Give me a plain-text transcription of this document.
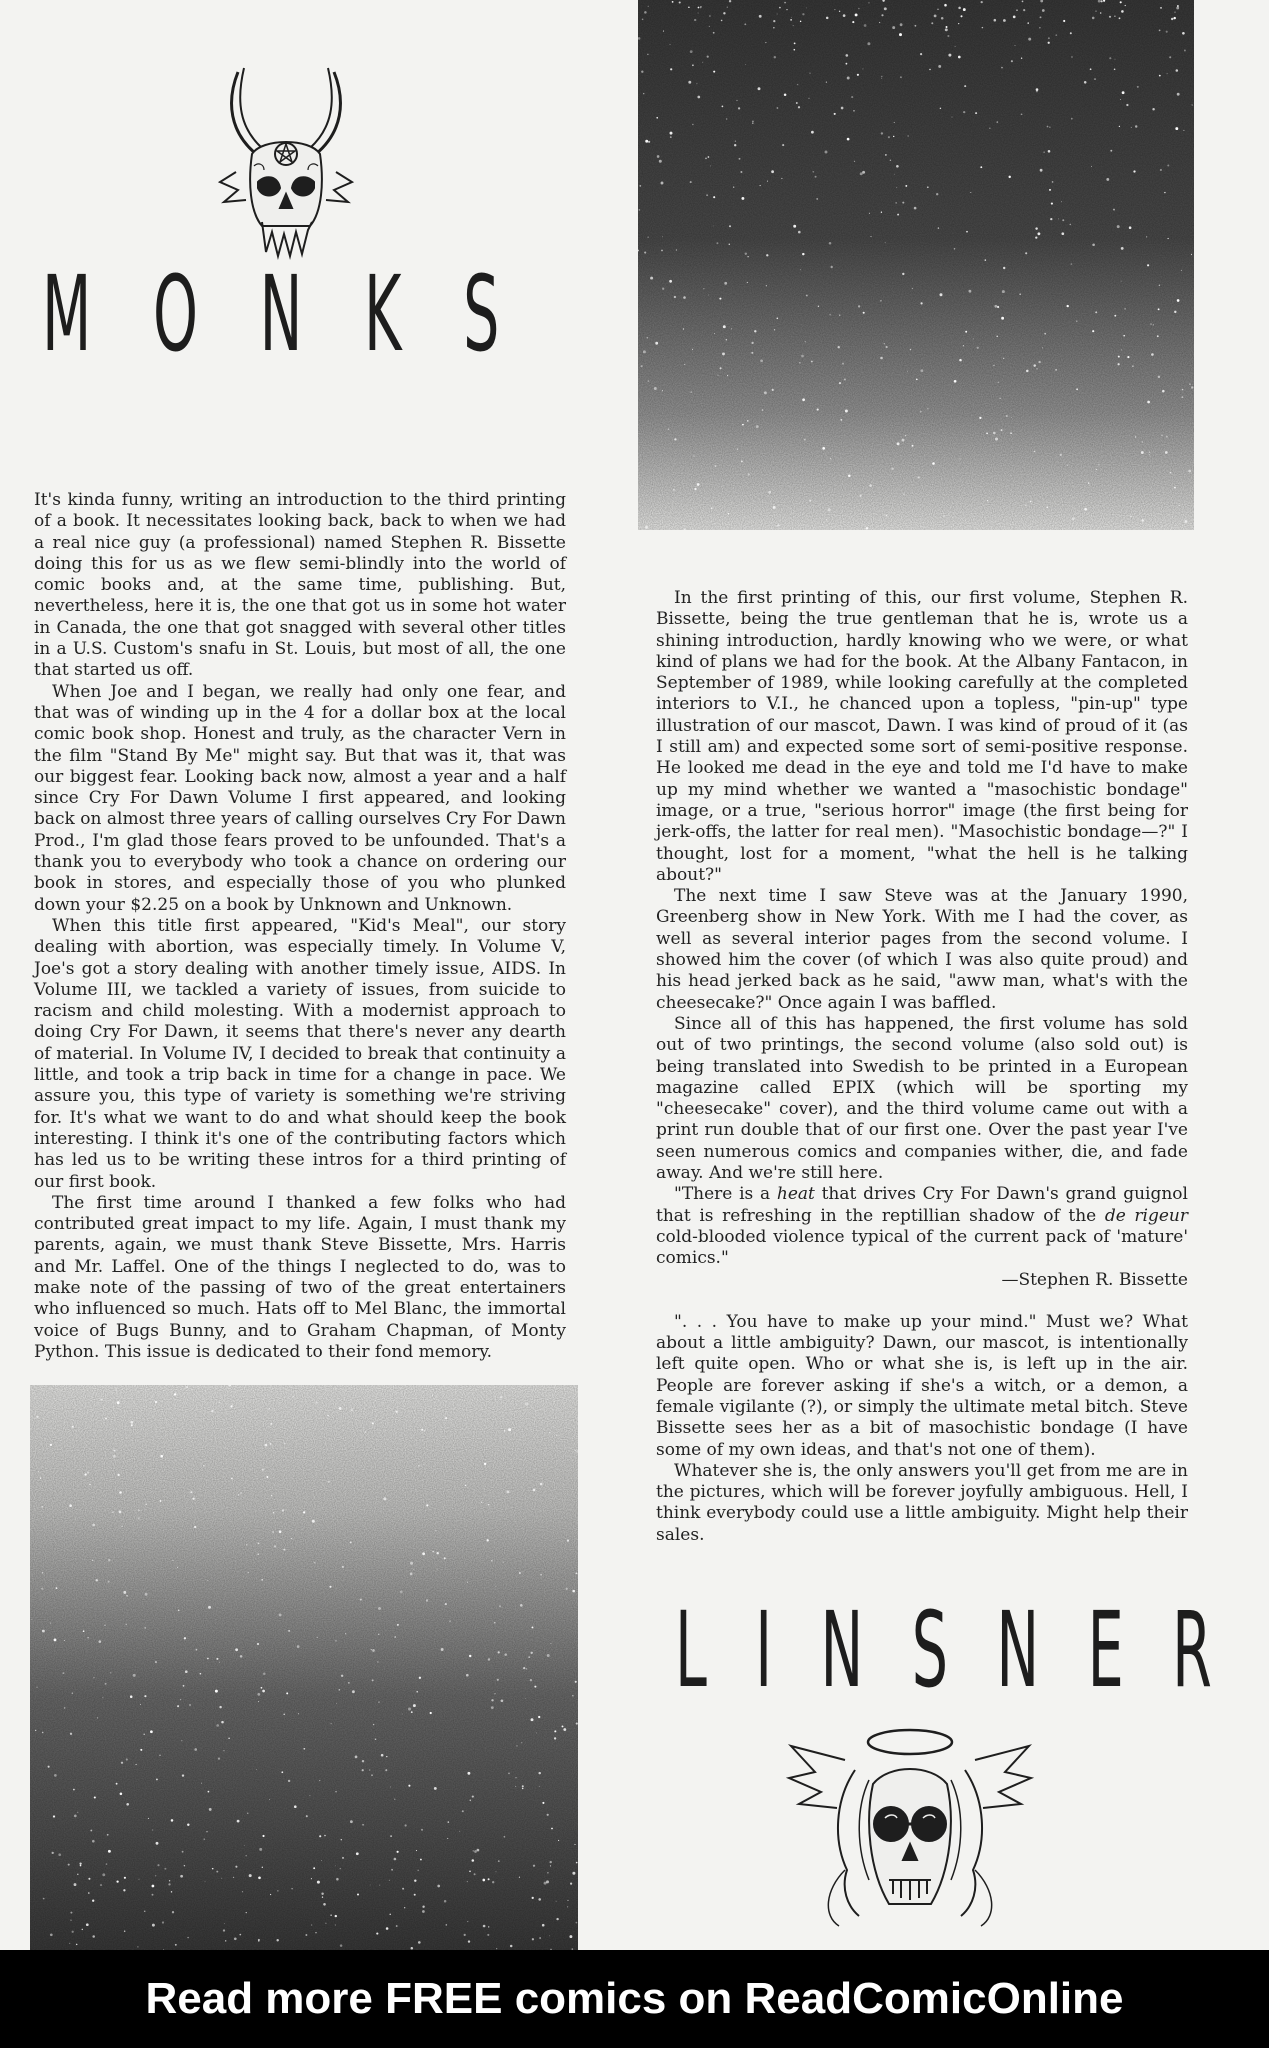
MONKS

It's kinda funny, writing an introduction to the third printing of a book. It necessitates looking back, back to when we had a real nice guy (a professional) named Stephen R. Bissette doing this for us as we flew semi-blindly into the world of comic books and, at the same time, publishing. But, nevertheless, here it is, the one that got us in some hot water in Canada, the one that got snagged with several other titles in a U.S. Custom's snafu in St. Louis, but most of all, the one that started us off.

When Joe and I began, we really had only one fear, and that was of winding up in the 4 for a dollar box at the local comic book shop. Honest and truly, as the character Vern in the film "Stand By Me" might say. But that was it, that was our biggest fear. Looking back now, almost a year and a half since Cry For Dawn Volume I first appeared, and looking back on almost three years of calling ourselves Cry For Dawn Prod., I'm glad those fears proved to be unfounded. That's a thank you to everybody who took a chance on ordering our book in stores, and especially those of you who plunked down your $2.25 on a book by Unknown and Unknown.

When this title first appeared, "Kid's Meal", our story dealing with abortion, was especially timely. In Volume V, Joe's got a story dealing with another timely issue, AIDS. In Volume III, we tackled a variety of issues, from suicide to racism and child molesting. With a modernist approach to doing Cry For Dawn, it seems that there's never any dearth of material. In Volume IV, I decided to break that continuity a little, and took a trip back in time for a change in pace. We assure you, this type of variety is something we're striving for. It's what we want to do and what should keep the book interesting. I think it's one of the contributing factors which has led us to be writing these intros for a third printing of our first book.

The first time around I thanked a few folks who had contributed great impact to my life. Again, I must thank my parents, again, we must thank Steve Bissette, Mrs. Harris and Mr. Laffel. One of the things I neglected to do, was to make note of the passing of two of the great entertainers who influenced so much. Hats off to Mel Blanc, the immortal voice of Bugs Bunny, and to Graham Chapman, of Monty Python. This issue is dedicated to their fond memory.

In the first printing of this, our first volume, Stephen R. Bissette, being the true gentleman that he is, wrote us a shining introduction, hardly knowing who we were, or what kind of plans we had for the book. At the Albany Fantacon, in September of 1989, while looking carefully at the completed interiors to V.I., he chanced upon a topless, "pin-up" type illustration of our mascot, Dawn. I was kind of proud of it (as I still am) and expected some sort of semi-positive response. He looked me dead in the eye and told me I'd have to make up my mind whether we wanted a "masochistic bondage" image, or a true, "serious horror" image (the first being for jerk-offs, the latter for real men). "Masochistic bondage—?" I thought, lost for a moment, "what the hell is he talking about?"

The next time I saw Steve was at the January 1990, Greenberg show in New York. With me I had the cover, as well as several interior pages from the second volume. I showed him the cover (of which I was also quite proud) and his head jerked back as he said, "aww man, what's with the cheesecake?" Once again I was baffled.

Since all of this has happened, the first volume has sold out of two printings, the second volume (also sold out) is being translated into Swedish to be printed in a European magazine called EPIX (which will be sporting my "cheesecake" cover), and the third volume came out with a print run double that of our first one. Over the past year I've seen numerous comics and companies wither, die, and fade away. And we're still here.

"There is a heat that drives Cry For Dawn's grand guignol that is refreshing in the reptillian shadow of the de rigeur cold-blooded violence typical of the current pack of 'mature' comics."

—Stephen R. Bissette

". . . You have to make up your mind." Must we? What about a little ambiguity? Dawn, our mascot, is intentionally left quite open. Who or what she is, is left up in the air. People are forever asking if she's a witch, or a demon, a female vigilante (?), or simply the ultimate metal bitch. Steve Bissette sees her as a bit of masochistic bondage (I have some of my own ideas, and that's not one of them).

Whatever she is, the only answers you'll get from me are in the pictures, which will be forever joyfully ambiguous. Hell, I think everybody could use a little ambiguity. Might help their sales.

LINSNER
Read more FREE comics on ReadComicOnline
